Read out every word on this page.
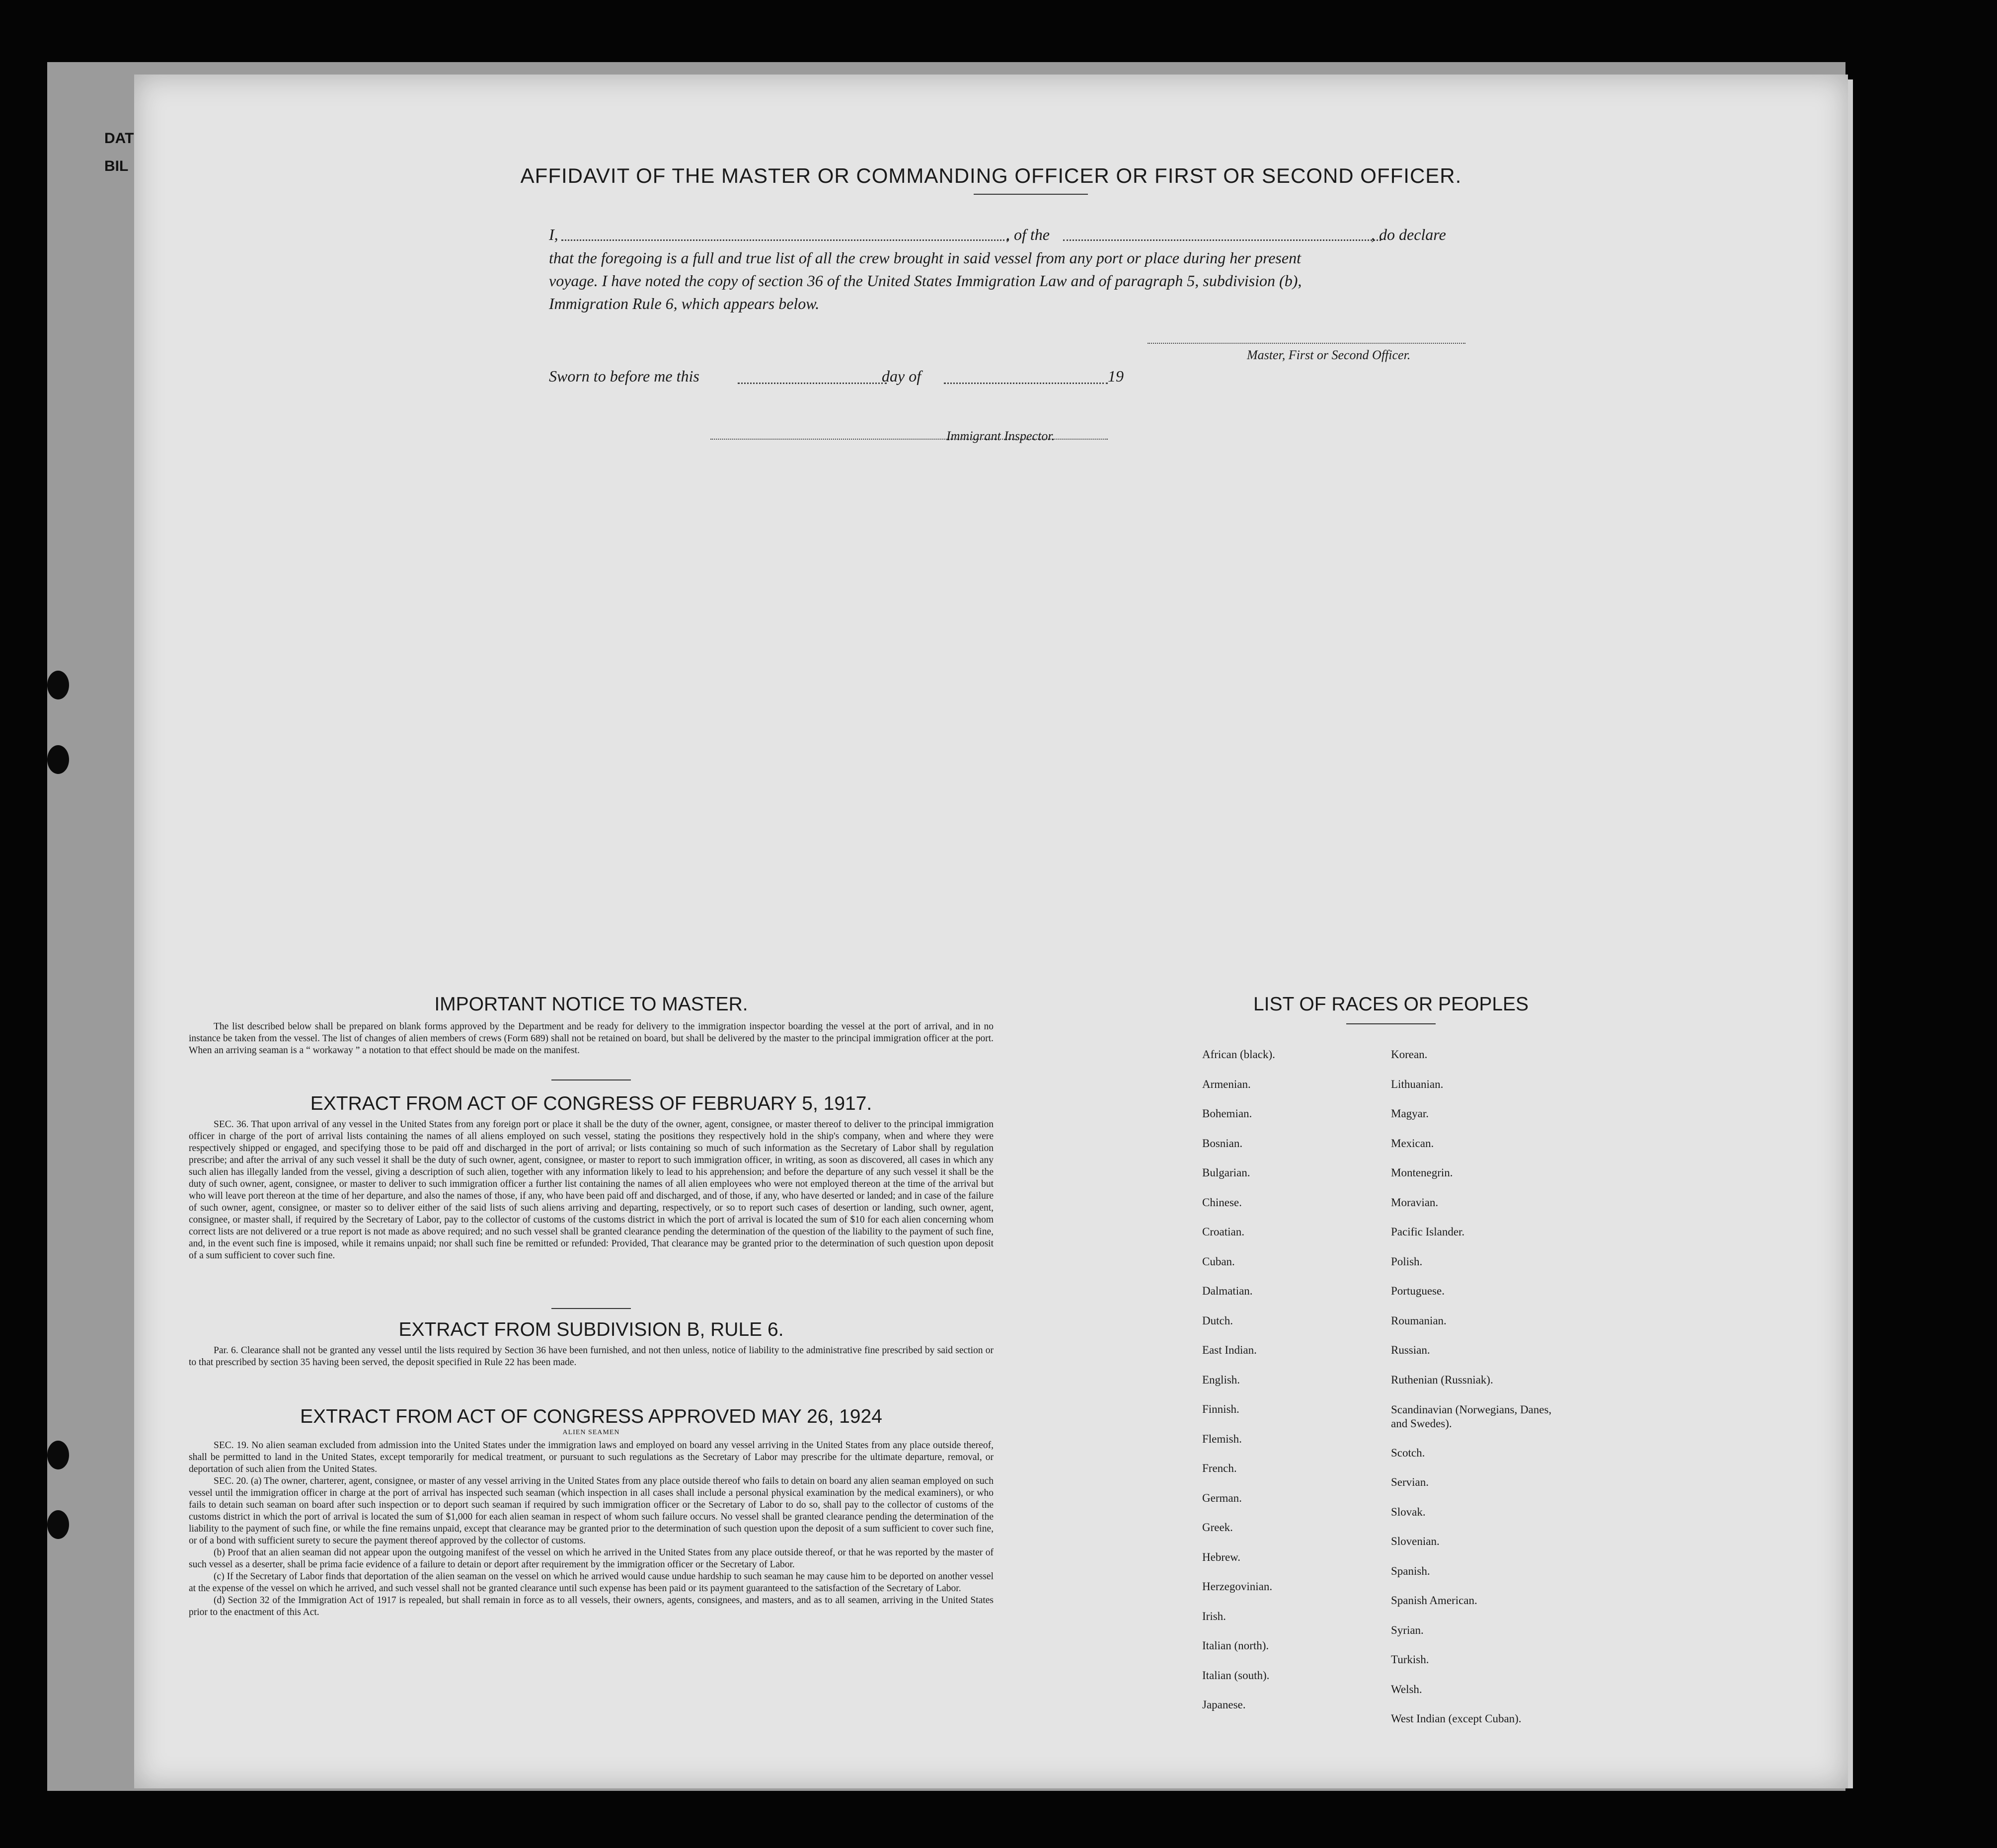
DAT
BIL	AFFIDAVIT OF THE MASTER OR COMMANDING OFFICER OR FIRST OR SECOND OFFICER.
I,	, of the	, do declare
that the foregoing is a full and true list of all the crew brought in said vessel from any port or place during her present
voyage. I have noted the copy of section 36 of the United States Immigration Law and of paragraph 5, subdivision (b),
Immigration Rule 6, which appears below.
Master, First or Second Officer.
Sworn to before me this	day of	19
Immigrant Inspector.
IMPORTANT NOTICE TO MASTER.

The list described below shall be prepared on blank forms approved by the Department and be ready for delivery to the immigration inspector boarding the vessel at the port of arrival, and in no instance be taken from the vessel. The list of changes of alien members of crews (Form 689) shall not be retained on board, but shall be delivered by the master to the principal immigration officer at the port. When an arriving seaman is a “ workaway ” a notation to that effect should be made on the manifest.

EXTRACT FROM ACT OF CONGRESS OF FEBRUARY 5, 1917.

SEC. 36. That upon arrival of any vessel in the United States from any foreign port or place it shall be the duty of the owner, agent, consignee, or master thereof to deliver to the principal immigration officer in charge of the port of arrival lists containing the names of all aliens employed on such vessel, stating the positions they respectively hold in the ship's company, when and where they were respectively shipped or engaged, and specifying those to be paid off and discharged in the port of arrival; or lists containing so much of such information as the Secretary of Labor shall by regulation prescribe; and after the arrival of any such vessel it shall be the duty of such owner, agent, consignee, or master to report to such immigration officer, in writing, as soon as discovered, all cases in which any such alien has illegally landed from the vessel, giving a description of such alien, together with any information likely to lead to his apprehension; and before the departure of any such vessel it shall be the duty of such owner, agent, consignee, or master to deliver to such immigration officer a further list containing the names of all alien employees who were not employed thereon at the time of the arrival but who will leave port thereon at the time of her departure, and also the names of those, if any, who have been paid off and discharged, and of those, if any, who have deserted or landed; and in case of the failure of such owner, agent, consignee, or master so to deliver either of the said lists of such aliens arriving and departing, respectively, or so to report such cases of desertion or landing, such owner, agent, consignee, or master shall, if required by the Secretary of Labor, pay to the collector of customs of the customs district in which the port of arrival is located the sum of $10 for each alien concerning whom correct lists are not delivered or a true report is not made as above required; and no such vessel shall be granted clearance pending the determination of the question of the liability to the payment of such fine, and, in the event such fine is imposed, while it remains unpaid; nor shall such fine be remitted or refunded: Provided, That clearance may be granted prior to the determination of such question upon deposit of a sum sufficient to cover such fine.

EXTRACT FROM SUBDIVISION B, RULE 6.

Par. 6. Clearance shall not be granted any vessel until the lists required by Section 36 have been furnished, and not then unless, notice of liability to the administrative fine prescribed by said section or to that prescribed by section 35 having been served, the deposit specified in Rule 22 has been made.

EXTRACT FROM ACT OF CONGRESS APPROVED MAY 26, 1924
ALIEN SEAMEN

SEC. 19. No alien seaman excluded from admission into the United States under the immigration laws and employed on board any vessel arriving in the United States from any place outside thereof, shall be permitted to land in the United States, except temporarily for medical treatment, or pursuant to such regulations as the Secretary of Labor may prescribe for the ultimate departure, removal, or deportation of such alien from the United States.

SEC. 20. (a) The owner, charterer, agent, consignee, or master of any vessel arriving in the United States from any place outside thereof who fails to detain on board any alien seaman employed on such vessel until the immigration officer in charge at the port of arrival has inspected such seaman (which inspection in all cases shall include a personal physical examination by the medical examiners), or who fails to detain such seaman on board after such inspection or to deport such seaman if required by such immigration officer or the Secretary of Labor to do so, shall pay to the collector of customs of the customs district in which the port of arrival is located the sum of $1,000 for each alien seaman in respect of whom such failure occurs. No vessel shall be granted clearance pending the determination of the liability to the payment of such fine, or while the fine remains unpaid, except that clearance may be granted prior to the determination of such question upon the deposit of a sum sufficient to cover such fine, or of a bond with sufficient surety to secure the payment thereof approved by the collector of customs.

(b) Proof that an alien seaman did not appear upon the outgoing manifest of the vessel on which he arrived in the United States from any place outside thereof, or that he was reported by the master of such vessel as a deserter, shall be prima facie evidence of a failure to detain or deport after requirement by the immigration officer or the Secretary of Labor.

(c) If the Secretary of Labor finds that deportation of the alien seaman on the vessel on which he arrived would cause undue hardship to such seaman he may cause him to be deported on another vessel at the expense of the vessel on which he arrived, and such vessel shall not be granted clearance until such expense has been paid or its payment guaranteed to the satisfaction of the Secretary of Labor.

(d) Section 32 of the Immigration Act of 1917 is repealed, but shall remain in force as to all vessels, their owners, agents, consignees, and masters, and as to all seamen, arriving in the United States prior to the enactment of this Act.

LIST OF RACES OR PEOPLES
African (black).
Armenian.
Bohemian.
Bosnian.
Bulgarian.
Chinese.
Croatian.
Cuban.
Dalmatian.
Dutch.
East Indian.
English.
Finnish.
Flemish.
French.
German.
Greek.
Hebrew.
Herzegovinian.
Irish.
Italian (north).
Italian (south).
Japanese.
Korean.
Lithuanian.
Magyar.
Mexican.
Montenegrin.
Moravian.
Pacific Islander.
Polish.
Portuguese.
Roumanian.
Russian.
Ruthenian (Russniak).
Scandinavian (Norwegians, Danes, and Swedes).
Scotch.
Servian.
Slovak.
Slovenian.
Spanish.
Spanish American.
Syrian.
Turkish.
Welsh.
West Indian (except Cuban).
